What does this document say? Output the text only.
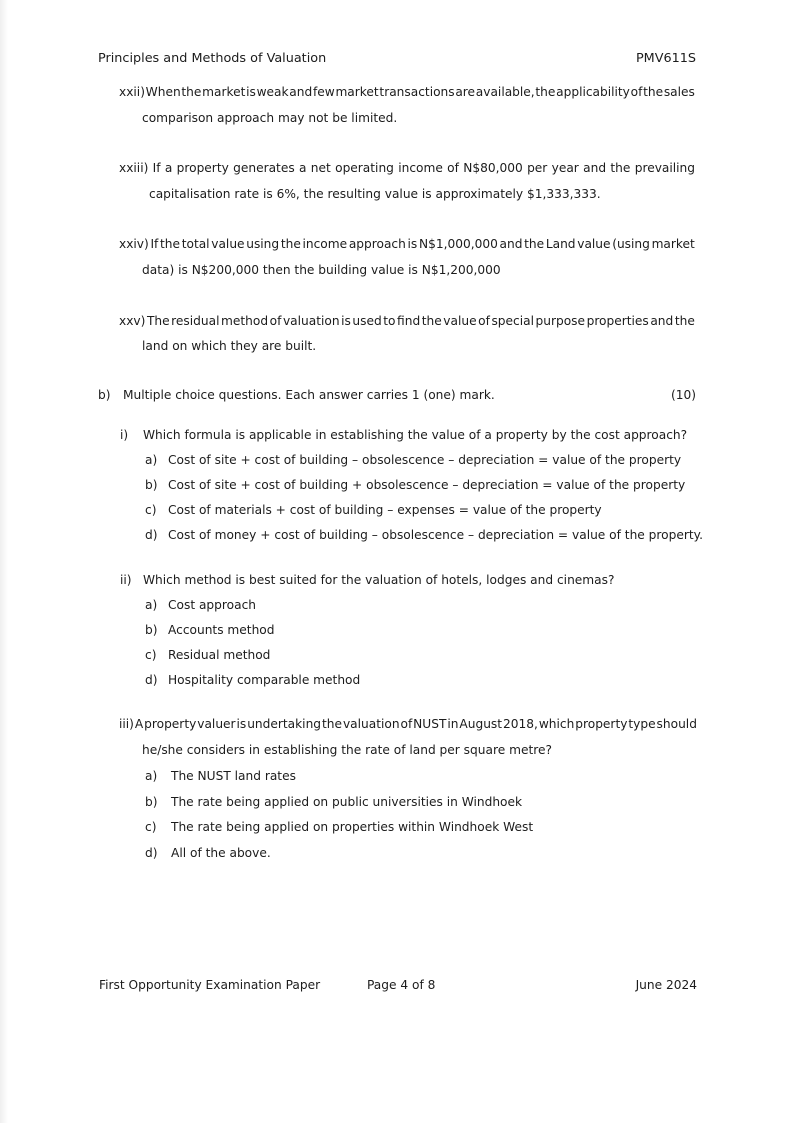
Principles and Methods of Valuation	PMV611S
xxii) When the market is weak and few market transactions are available, the applicability of the sales
comparison approach may not be limited.
xxiii) If a property generates a net operating income of N$80,000 per year and the prevailing
capitalisation rate is 6%, the resulting value is approximately $1,333,333.
xxiv) If the total value using the income approach is N$1,000,000 and the Land value (using market
data) is N$200,000 then the building value is N$1,200,000
xxv) The residual method of valuation is used to find the value of special purpose properties and the
land on which they are built.
b) Multiple choice questions. Each answer carries 1 (one) mark.	(10)
i) Which formula is applicable in establishing the value of a property by the cost approach?
a) Cost of site + cost of building – obsolescence – depreciation = value of the property
b) Cost of site + cost of building + obsolescence – depreciation = value of the property
c) Cost of materials + cost of building – expenses = value of the property
d) Cost of money + cost of building – obsolescence – depreciation = value of the property.
ii) Which method is best suited for the valuation of hotels, lodges and cinemas?
a) Cost approach
b) Accounts method
c) Residual method
d) Hospitality comparable method
iii) A property valuer is undertaking the valuation of NUST in August 2018, which property type should
he/she considers in establishing the rate of land per square metre?
a) The NUST land rates
b) The rate being applied on public universities in Windhoek
c) The rate being applied on properties within Windhoek West
d) All of the above.
First Opportunity Examination Paper	Page 4 of 8	June 2024
